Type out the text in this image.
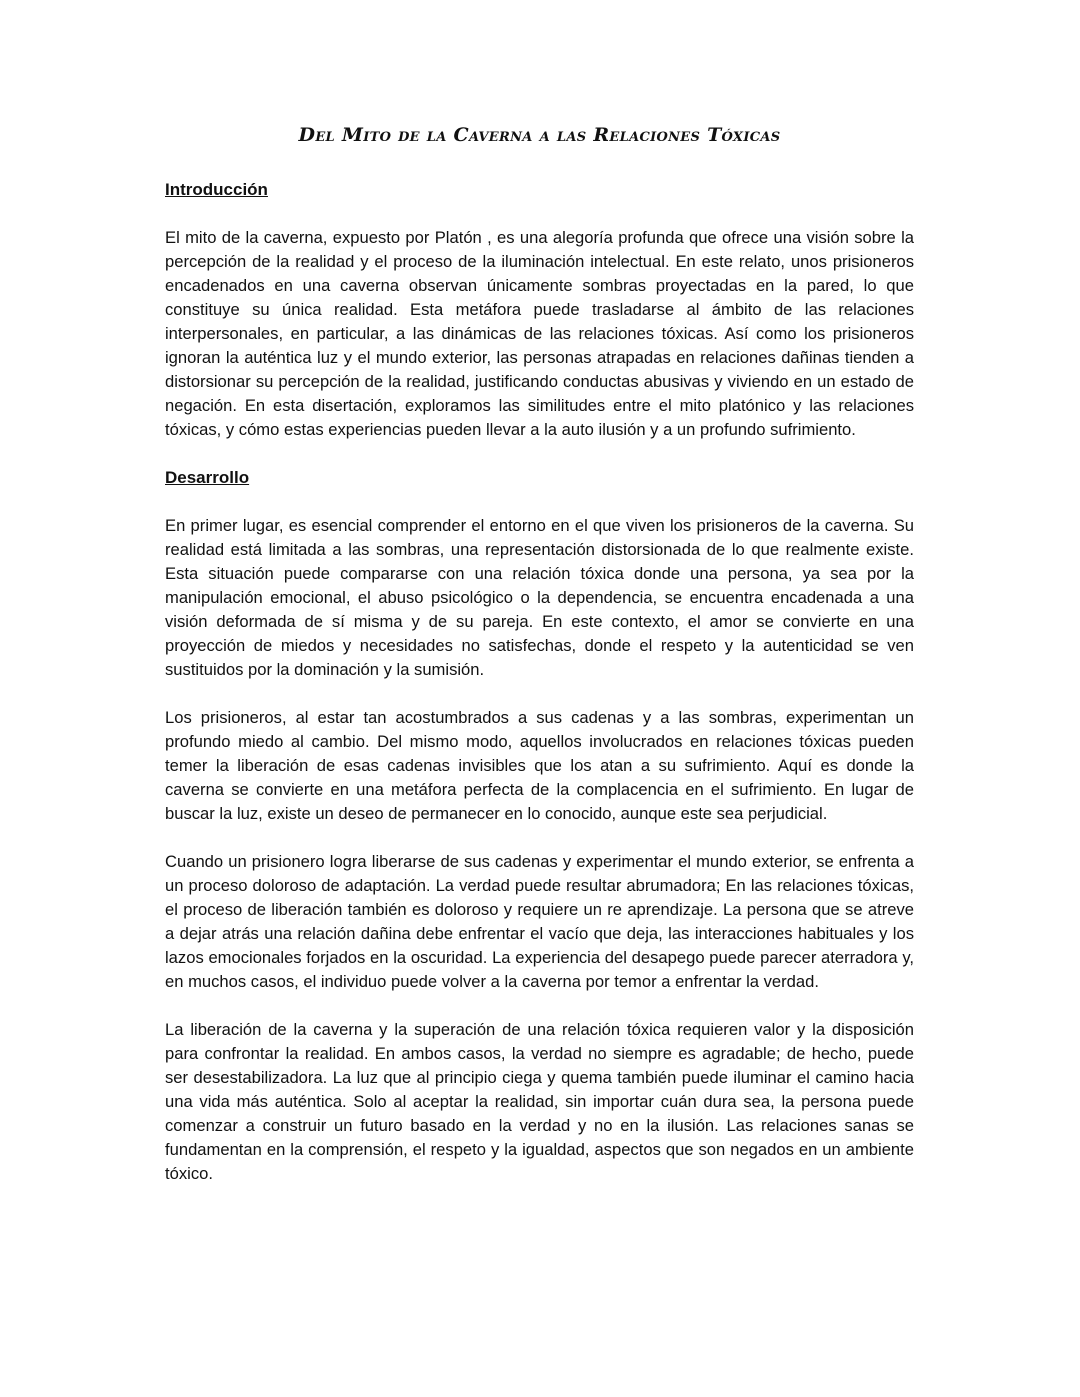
Del Mito de la Caverna a las Relaciones Tóxicas
Introducción

El mito de la caverna, expuesto por Platón , es una alegoría profunda que ofrece una visión sobre la percepción de la realidad y el proceso de la iluminación intelectual. En este relato, unos prisioneros encadenados en una caverna observan únicamente sombras proyectadas en la pared, lo que constituye su única realidad. Esta metáfora puede trasladarse al ámbito de las relaciones interpersonales, en particular, a las dinámicas de las relaciones tóxicas. Así como los prisioneros ignoran la auténtica luz y el mundo exterior, las personas atrapadas en relaciones dañinas tienden a distorsionar su percepción de la realidad, justificando conductas abusivas y viviendo en un estado de negación. En esta disertación, exploramos las similitudes entre el mito platónico y las relaciones tóxicas, y cómo estas experiencias pueden llevar a la auto ilusión y a un profundo sufrimiento.

Desarrollo

En primer lugar, es esencial comprender el entorno en el que viven los prisioneros de la caverna. Su realidad está limitada a las sombras, una representación distorsionada de lo que realmente existe. Esta situación puede compararse con una relación tóxica donde una persona, ya sea por la manipulación emocional, el abuso psicológico o la dependencia, se encuentra encadenada a una visión deformada de sí misma y de su pareja. En este contexto, el amor se convierte en una proyección de miedos y necesidades no satisfechas, donde el respeto y la autenticidad se ven sustituidos por la dominación y la sumisión.

Los prisioneros, al estar tan acostumbrados a sus cadenas y a las sombras, experimentan un profundo miedo al cambio. Del mismo modo, aquellos involucrados en relaciones tóxicas pueden temer la liberación de esas cadenas invisibles que los atan a su sufrimiento. Aquí es donde la caverna se convierte en una metáfora perfecta de la complacencia en el sufrimiento. En lugar de buscar la luz, existe un deseo de permanecer en lo conocido, aunque este sea perjudicial.

Cuando un prisionero logra liberarse de sus cadenas y experimentar el mundo exterior, se enfrenta a un proceso doloroso de adaptación. La verdad puede resultar abrumadora; En las relaciones tóxicas, el proceso de liberación también es doloroso y requiere un re aprendizaje. La persona que se atreve a dejar atrás una relación dañina debe enfrentar el vacío que deja, las interacciones habituales y los lazos emocionales forjados en la oscuridad. La experiencia del desapego puede parecer aterradora y, en muchos casos, el individuo puede volver a la caverna por temor a enfrentar la verdad.

La liberación de la caverna y la superación de una relación tóxica requieren valor y la disposición para confrontar la realidad. En ambos casos, la verdad no siempre es agradable; de hecho, puede ser desestabilizadora. La luz que al principio ciega y quema también puede iluminar el camino hacia una vida más auténtica. Solo al aceptar la realidad, sin importar cuán dura sea, la persona puede comenzar a construir un futuro basado en la verdad y no en la ilusión. Las relaciones sanas se fundamentan en la comprensión, el respeto y la igualdad, aspectos que son negados en un ambiente tóxico.
